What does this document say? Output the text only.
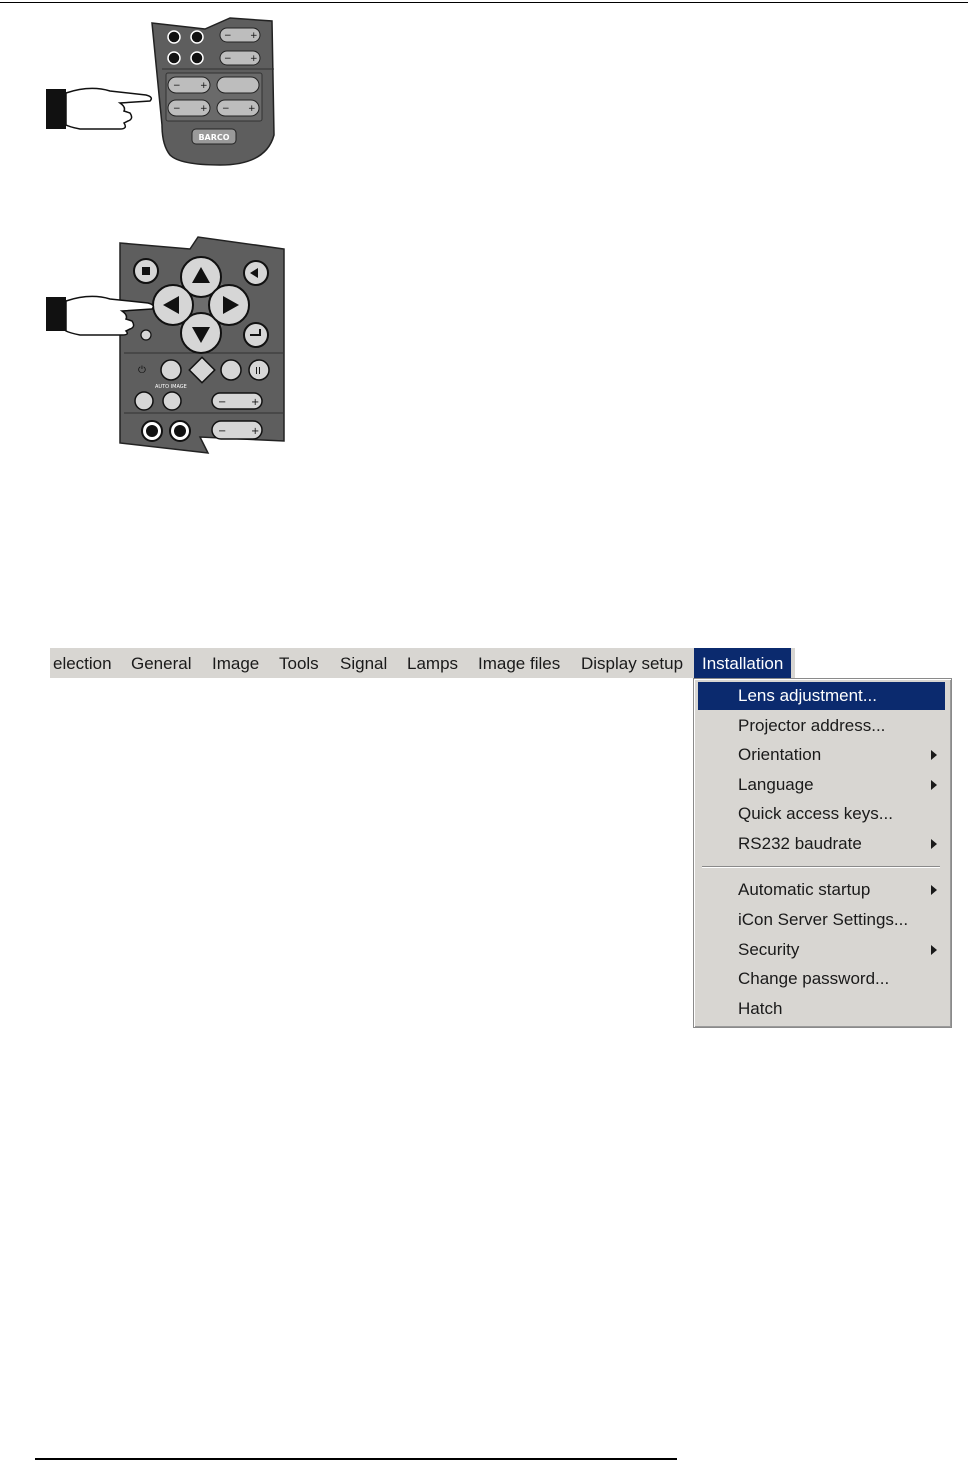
− +
− +
− +
− + − +
BARCO
⏻	II
− +
− +
AUTO IMAGE
election General Image Tools Signal Lamps Image files Display setup	Installation
Lens adjustment...
Projector address...
Orientation
Language
Quick access keys...
RS232 baudrate
Automatic startup
iCon Server Settings...
Security
Change password...
Hatch
